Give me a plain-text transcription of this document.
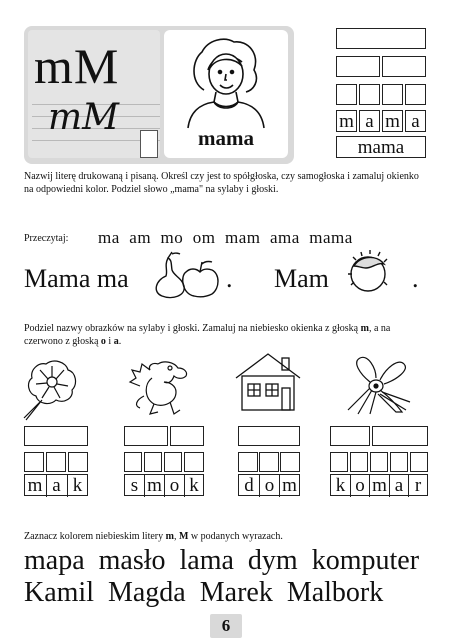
mM
mM	mama
m a m a
mama
Nazwij literę drukowaną i pisaną. Określ czy jest to spółgłoska, czy samogłoska i zamaluj okienko na odpowiedni kolor. Podziel słowo „mama" na sylaby i głoski.
Przeczytaj: ma  am  mo  om  mam  ama  mama
Mama ma	. Mam	.
Podziel nazwy obrazków na sylaby i głoski. Zamaluj na niebiesko okienka z głoską m, a na czerwono z głoską o i a.
m a k	s m o k d o m k o m a r
Zaznacz kolorem niebieskim litery m, M w podanych wyrazach.
mapa  masło  lama  dym  komputer
Kamil  Magda  Marek  Malbork
6
